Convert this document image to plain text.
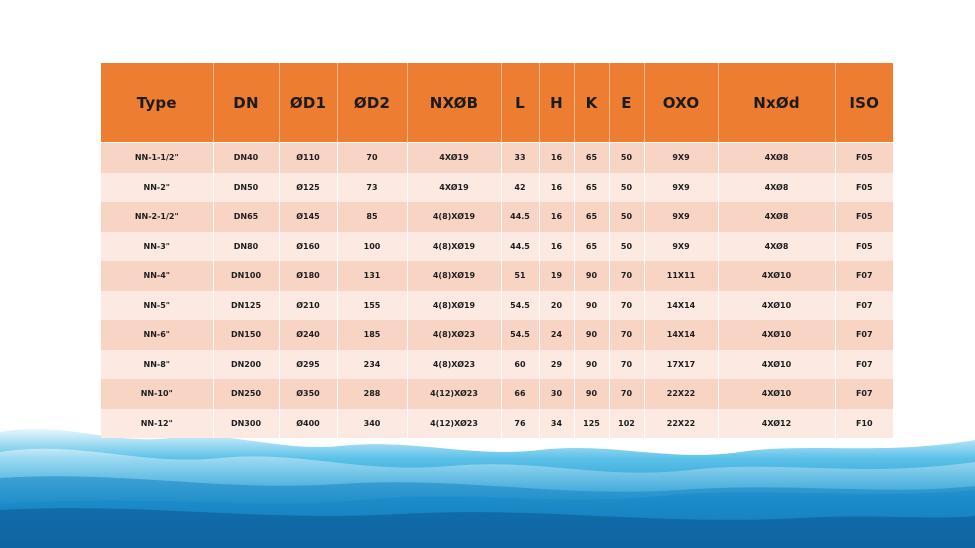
Type	DN	ØD1	ØD2	NXØB	L	H	K	E	OXO	NxØd	ISO
NN-1-1/2"	DN40	Ø110	70	4XØ19	33	16	65	50	9X9	4XØ8	F05
NN-2"	DN50	Ø125	73	4XØ19	42	16	65	50	9X9	4XØ8	F05
NN-2-1/2"	DN65	Ø145	85	4(8)XØ19	44.5	16	65	50	9X9	4XØ8	F05
NN-3"	DN80	Ø160	100	4(8)XØ19	44.5	16	65	50	9X9	4XØ8	F05
NN-4"	DN100	Ø180	131	4(8)XØ19	51	19	90	70	11X11	4XØ10	F07
NN-5"	DN125	Ø210	155	4(8)XØ19	54.5	20	90	70	14X14	4XØ10	F07
NN-6"	DN150	Ø240	185	4(8)XØ23	54.5	24	90	70	14X14	4XØ10	F07
NN-8"	DN200	Ø295	234	4(8)XØ23	60	29	90	70	17X17	4XØ10	F07
NN-10"	DN250	Ø350	288	4(12)XØ23	66	30	90	70	22X22	4XØ10	F07
NN-12"	DN300	Ø400	340	4(12)XØ23	76	34	125	102	22X22	4XØ12	F10
